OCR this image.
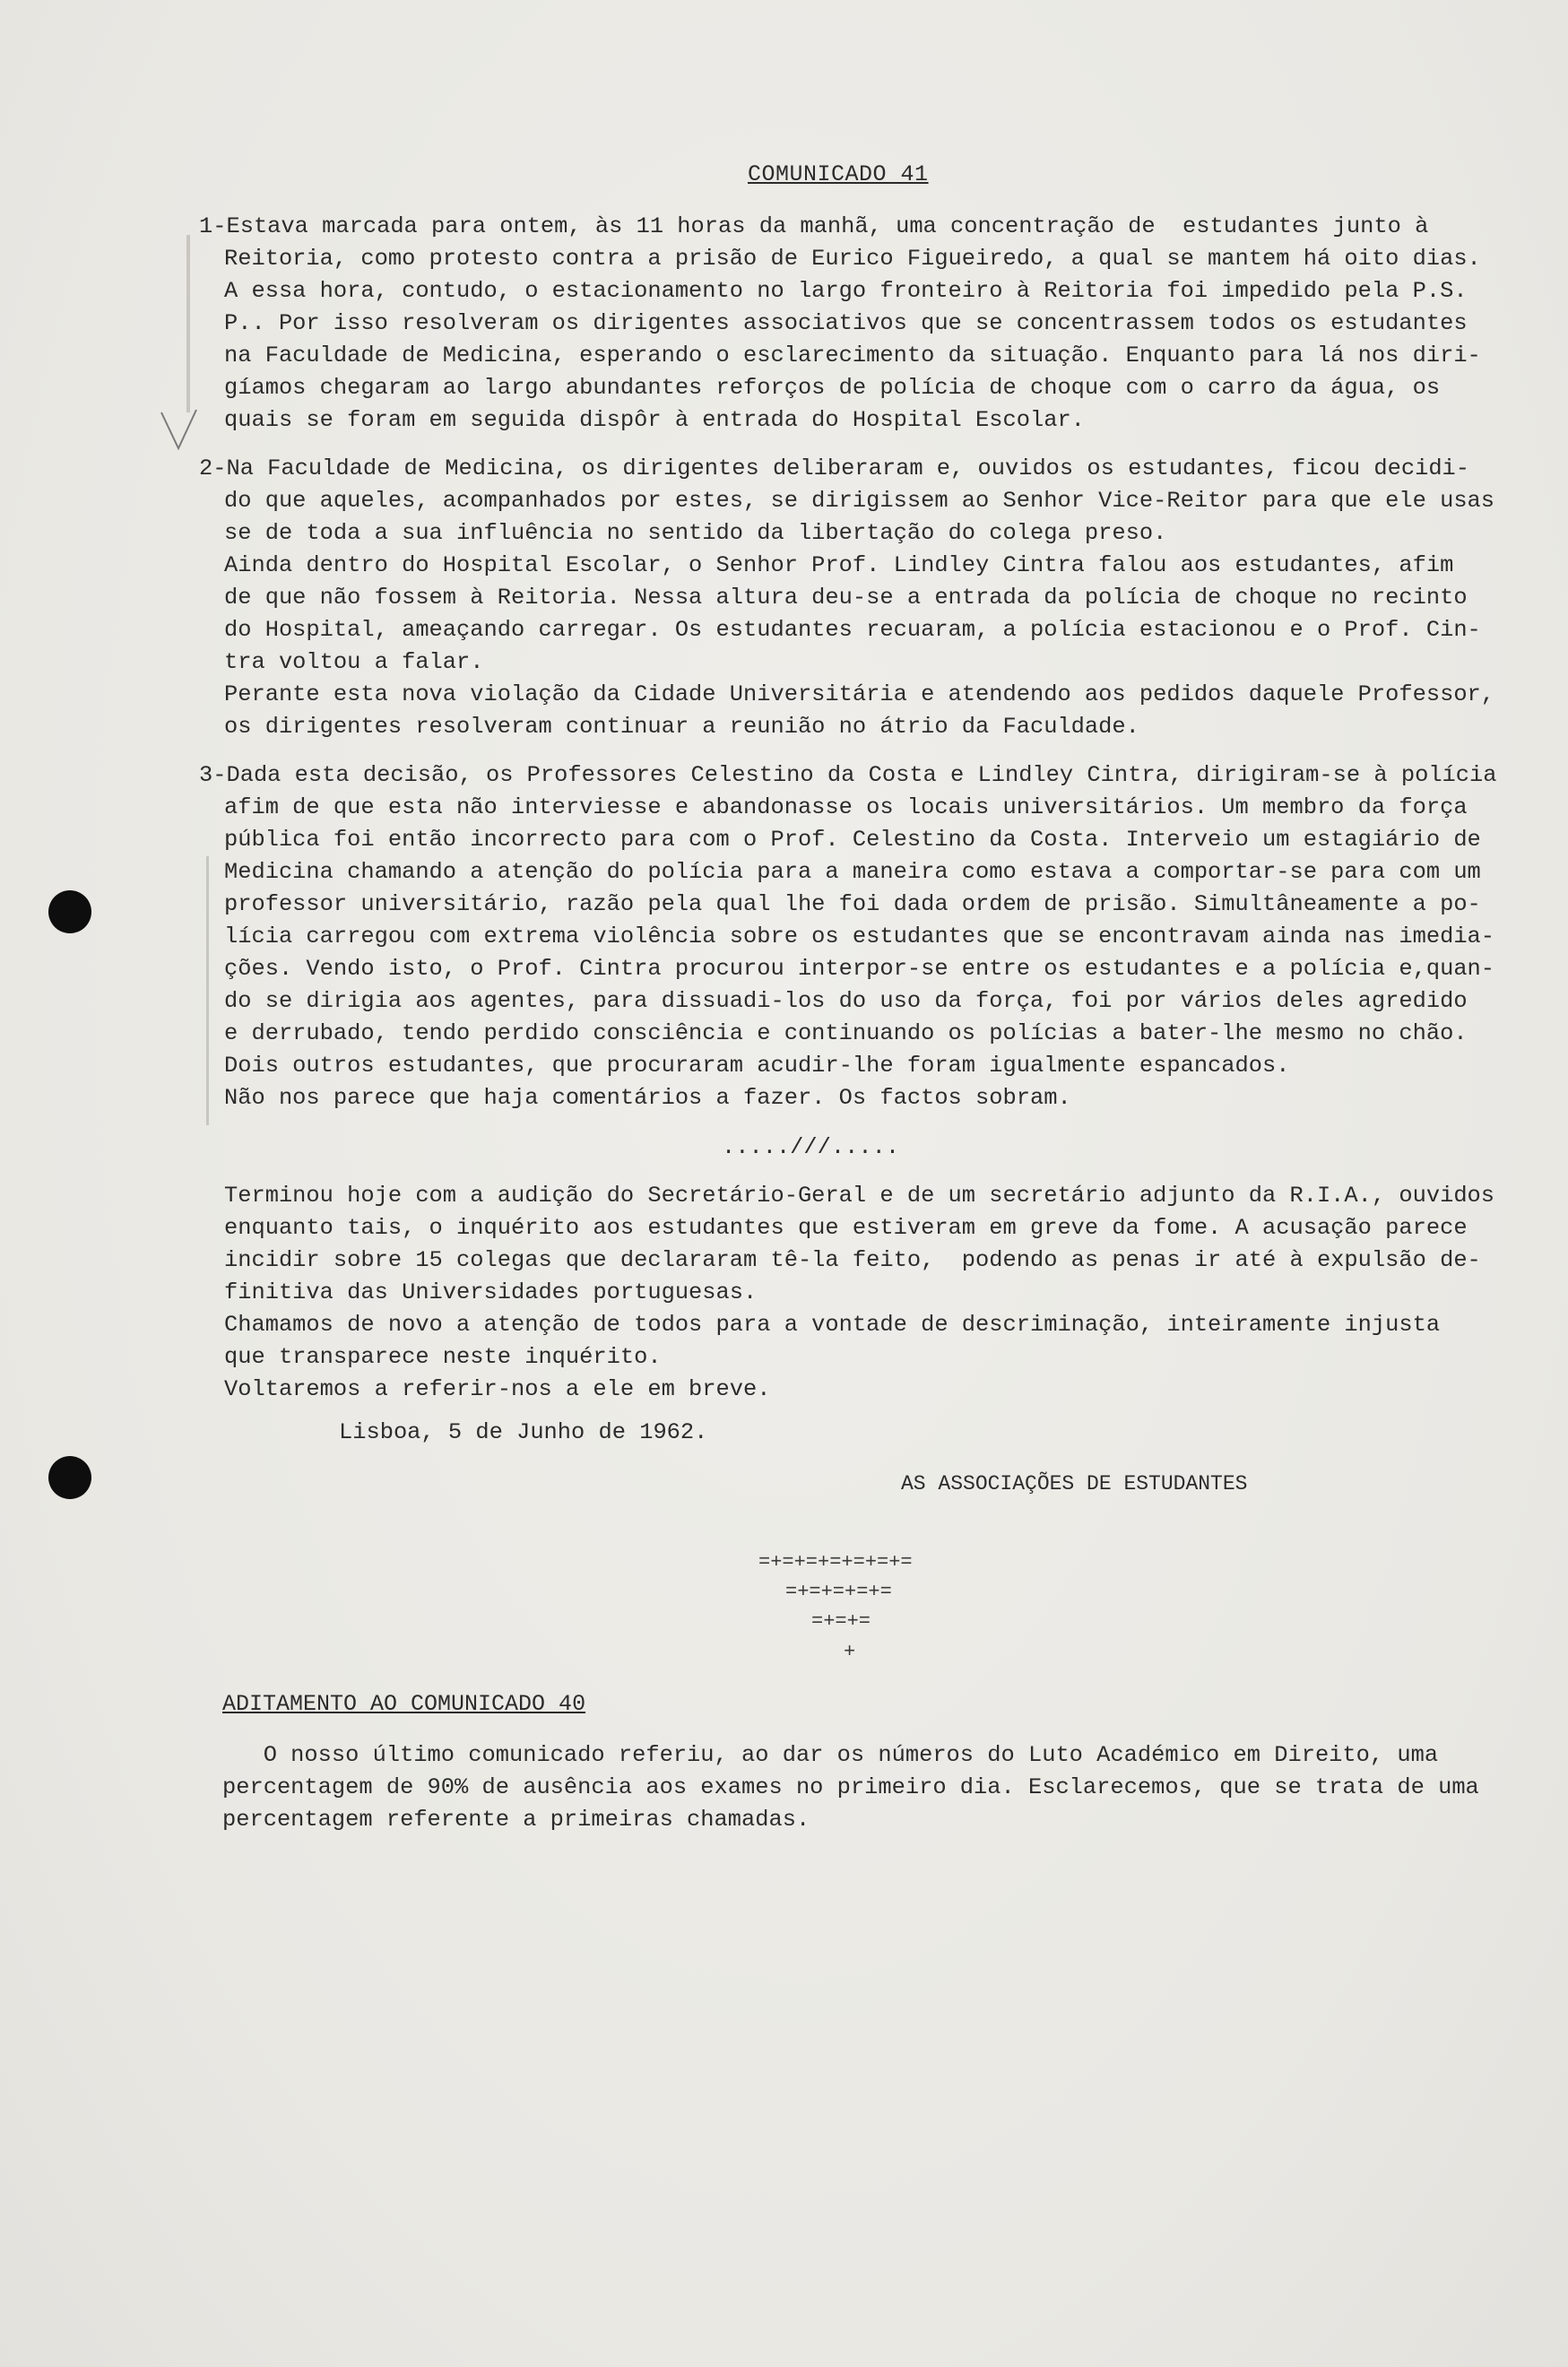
COMUNICADO 41
1-Estava marcada para ontem, às 11 horas da manhã, uma concentração de  estudantes junto à
Reitoria, como protesto contra a prisão de Eurico Figueiredo, a qual se mantem há oito dias.
A essa hora, contudo, o estacionamento no largo fronteiro à Reitoria foi impedido pela P.S.
P.. Por isso resolveram os dirigentes associativos que se concentrassem todos os estudantes
na Faculdade de Medicina, esperando o esclarecimento da situação. Enquanto para lá nos diri-
gíamos chegaram ao largo abundantes reforços de polícia de choque com o carro da água, os
quais se foram em seguida dispôr à entrada do Hospital Escolar.
2-Na Faculdade de Medicina, os dirigentes deliberaram e, ouvidos os estudantes, ficou decidi-
do que aqueles, acompanhados por estes, se dirigissem ao Senhor Vice-Reitor para que ele usas
se de toda a sua influência no sentido da libertação do colega preso.
Ainda dentro do Hospital Escolar, o Senhor Prof. Lindley Cintra falou aos estudantes, afim
de que não fossem à Reitoria. Nessa altura deu-se a entrada da polícia de choque no recinto
do Hospital, ameaçando carregar. Os estudantes recuaram, a polícia estacionou e o Prof. Cin-
tra voltou a falar.
Perante esta nova violação da Cidade Universitária e atendendo aos pedidos daquele Professor,
os dirigentes resolveram continuar a reunião no átrio da Faculdade.
3-Dada esta decisão, os Professores Celestino da Costa e Lindley Cintra, dirigiram-se à polícia
afim de que esta não interviesse e abandonasse os locais universitários. Um membro da força
pública foi então incorrecto para com o Prof. Celestino da Costa. Interveio um estagiário de
Medicina chamando a atenção do polícia para a maneira como estava a comportar-se para com um
professor universitário, razão pela qual lhe foi dada ordem de prisão. Simultâneamente a po-
lícia carregou com extrema violência sobre os estudantes que se encontravam ainda nas imedia-
ções. Vendo isto, o Prof. Cintra procurou interpor-se entre os estudantes e a polícia e,quan-
do se dirigia aos agentes, para dissuadi-los do uso da força, foi por vários deles agredido
e derrubado, tendo perdido consciência e continuando os polícias a bater-lhe mesmo no chão.
Dois outros estudantes, que procuraram acudir-lhe foram igualmente espancados.
Não nos parece que haja comentários a fazer. Os factos sobram.
.....///.....
Terminou hoje com a audição do Secretário-Geral e de um secretário adjunto da R.I.A., ouvidos
enquanto tais, o inquérito aos estudantes que estiveram em greve da fome. A acusação parece
incidir sobre 15 colegas que declararam tê-la feito,  podendo as penas ir até à expulsão de-
finitiva das Universidades portuguesas.
Chamamos de novo a atenção de todos para a vontade de descriminação, inteiramente injusta
que transparece neste inquérito.
Voltaremos a referir-nos a ele em breve.
Lisboa, 5 de Junho de 1962.
AS ASSOCIAÇÕES DE ESTUDANTES
=+=+=+=+=+=+=
=+=+=+=+=
=+=+=
+
ADITAMENTO AO COMUNICADO 40
O nosso último comunicado referiu, ao dar os números do Luto Académico em Direito, uma
percentagem de 90% de ausência aos exames no primeiro dia. Esclarecemos, que se trata de uma
percentagem referente a primeiras chamadas.
